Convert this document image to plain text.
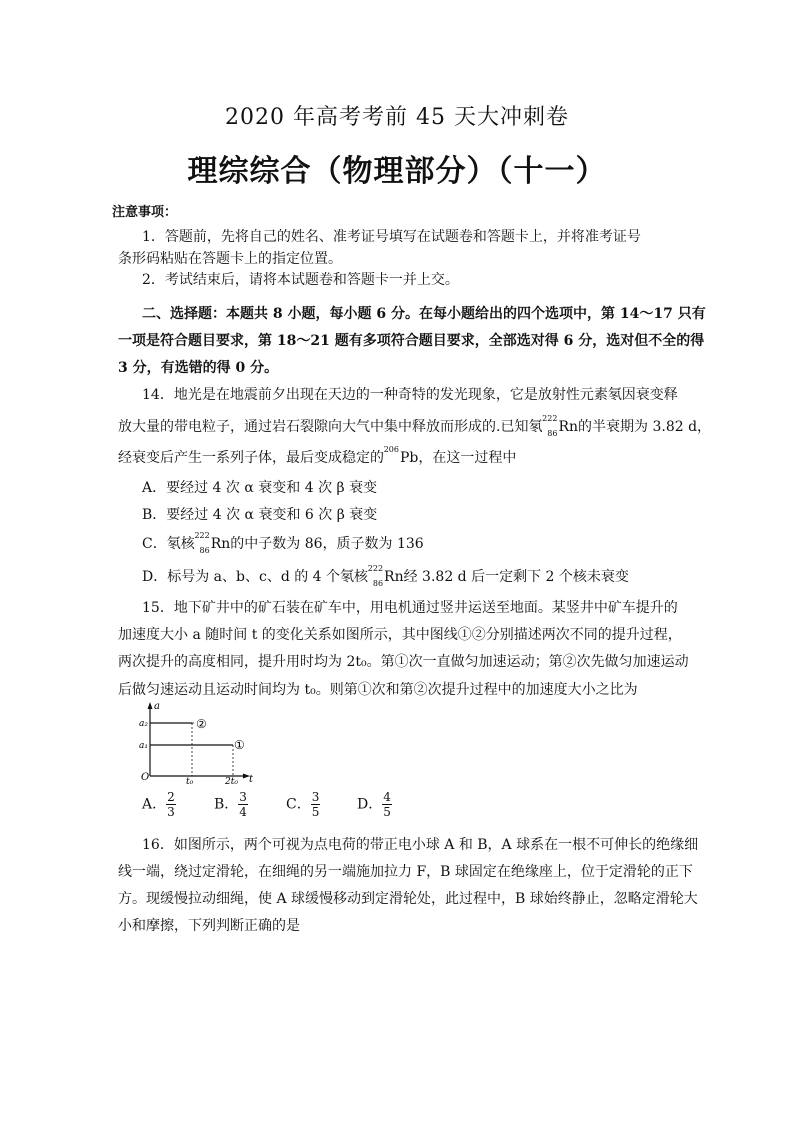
2020 年高考考前 45 天大冲刺卷
理综综合（物理部分）（十一）
注意事项：
1．答题前，先将自己的姓名、准考证号填写在试题卷和答题卡上，并将准考证号
条形码粘贴在答题卡上的指定位置。
2．考试结束后，请将本试题卷和答题卡一并上交。
二、选择题：本题共 8 小题，每小题 6 分。在每小题给出的四个选项中，第 14～17 只有
一项是符合题目要求，第 18～21 题有多项符合题目要求，全部选对得 6 分，选对但不全的得
3 分，有选错的得 0 分。
14．地光是在地震前夕出现在天边的一种奇特的发光现象，它是放射性元素氡因衰变释
放大量的带电粒子，通过岩石裂隙向大气中集中释放而形成的.已知氡
222
86 Rn的半衰期为 3.82 d，
经衰变后产生一系列子体，最后变成稳定的
206
Pb，在这一过程中
A．要经过 4 次 α 衰变和 4 次 β 衰变
B．要经过 4 次 α 衰变和 6 次 β 衰变
C．氡核
222
86 Rn的中子数为 86，质子数为 136
D．标号为 a、b、c、d 的 4 个氡核
222
86 Rn经 3.82 d 后一定剩下 2 个核未衰变
15．地下矿井中的矿石装在矿车中，用电机通过竖井运送至地面。某竖井中矿车提升的
加速度大小 a 随时间 t 的变化关系如图所示，其中图线①②分别描述两次不同的提升过程，
两次提升的高度相同，提升用时均为 2t₀。第①次一直做匀加速运动；第②次先做匀加速运动
后做匀速运动且运动时间均为 t₀。则第①次和第②次提升过程中的加速度大小之比为
a
a₂
a₁
O	t₀	2t₀ t
②
①
A． $\frac{2}{3}$	B． $\frac{3}{4}$	C． $\frac{3}{5}$	D． $\frac{4}{5}$
16．如图所示，两个可视为点电荷的带正电小球 A 和 B，A 球系在一根不可伸长的绝缘细
线一端，绕过定滑轮，在细绳的另一端施加拉力 F，B 球固定在绝缘座上，位于定滑轮的正下
方。现缓慢拉动细绳，使 A 球缓慢移动到定滑轮处，此过程中，B 球始终静止，忽略定滑轮大
小和摩擦，下列判断正确的是
